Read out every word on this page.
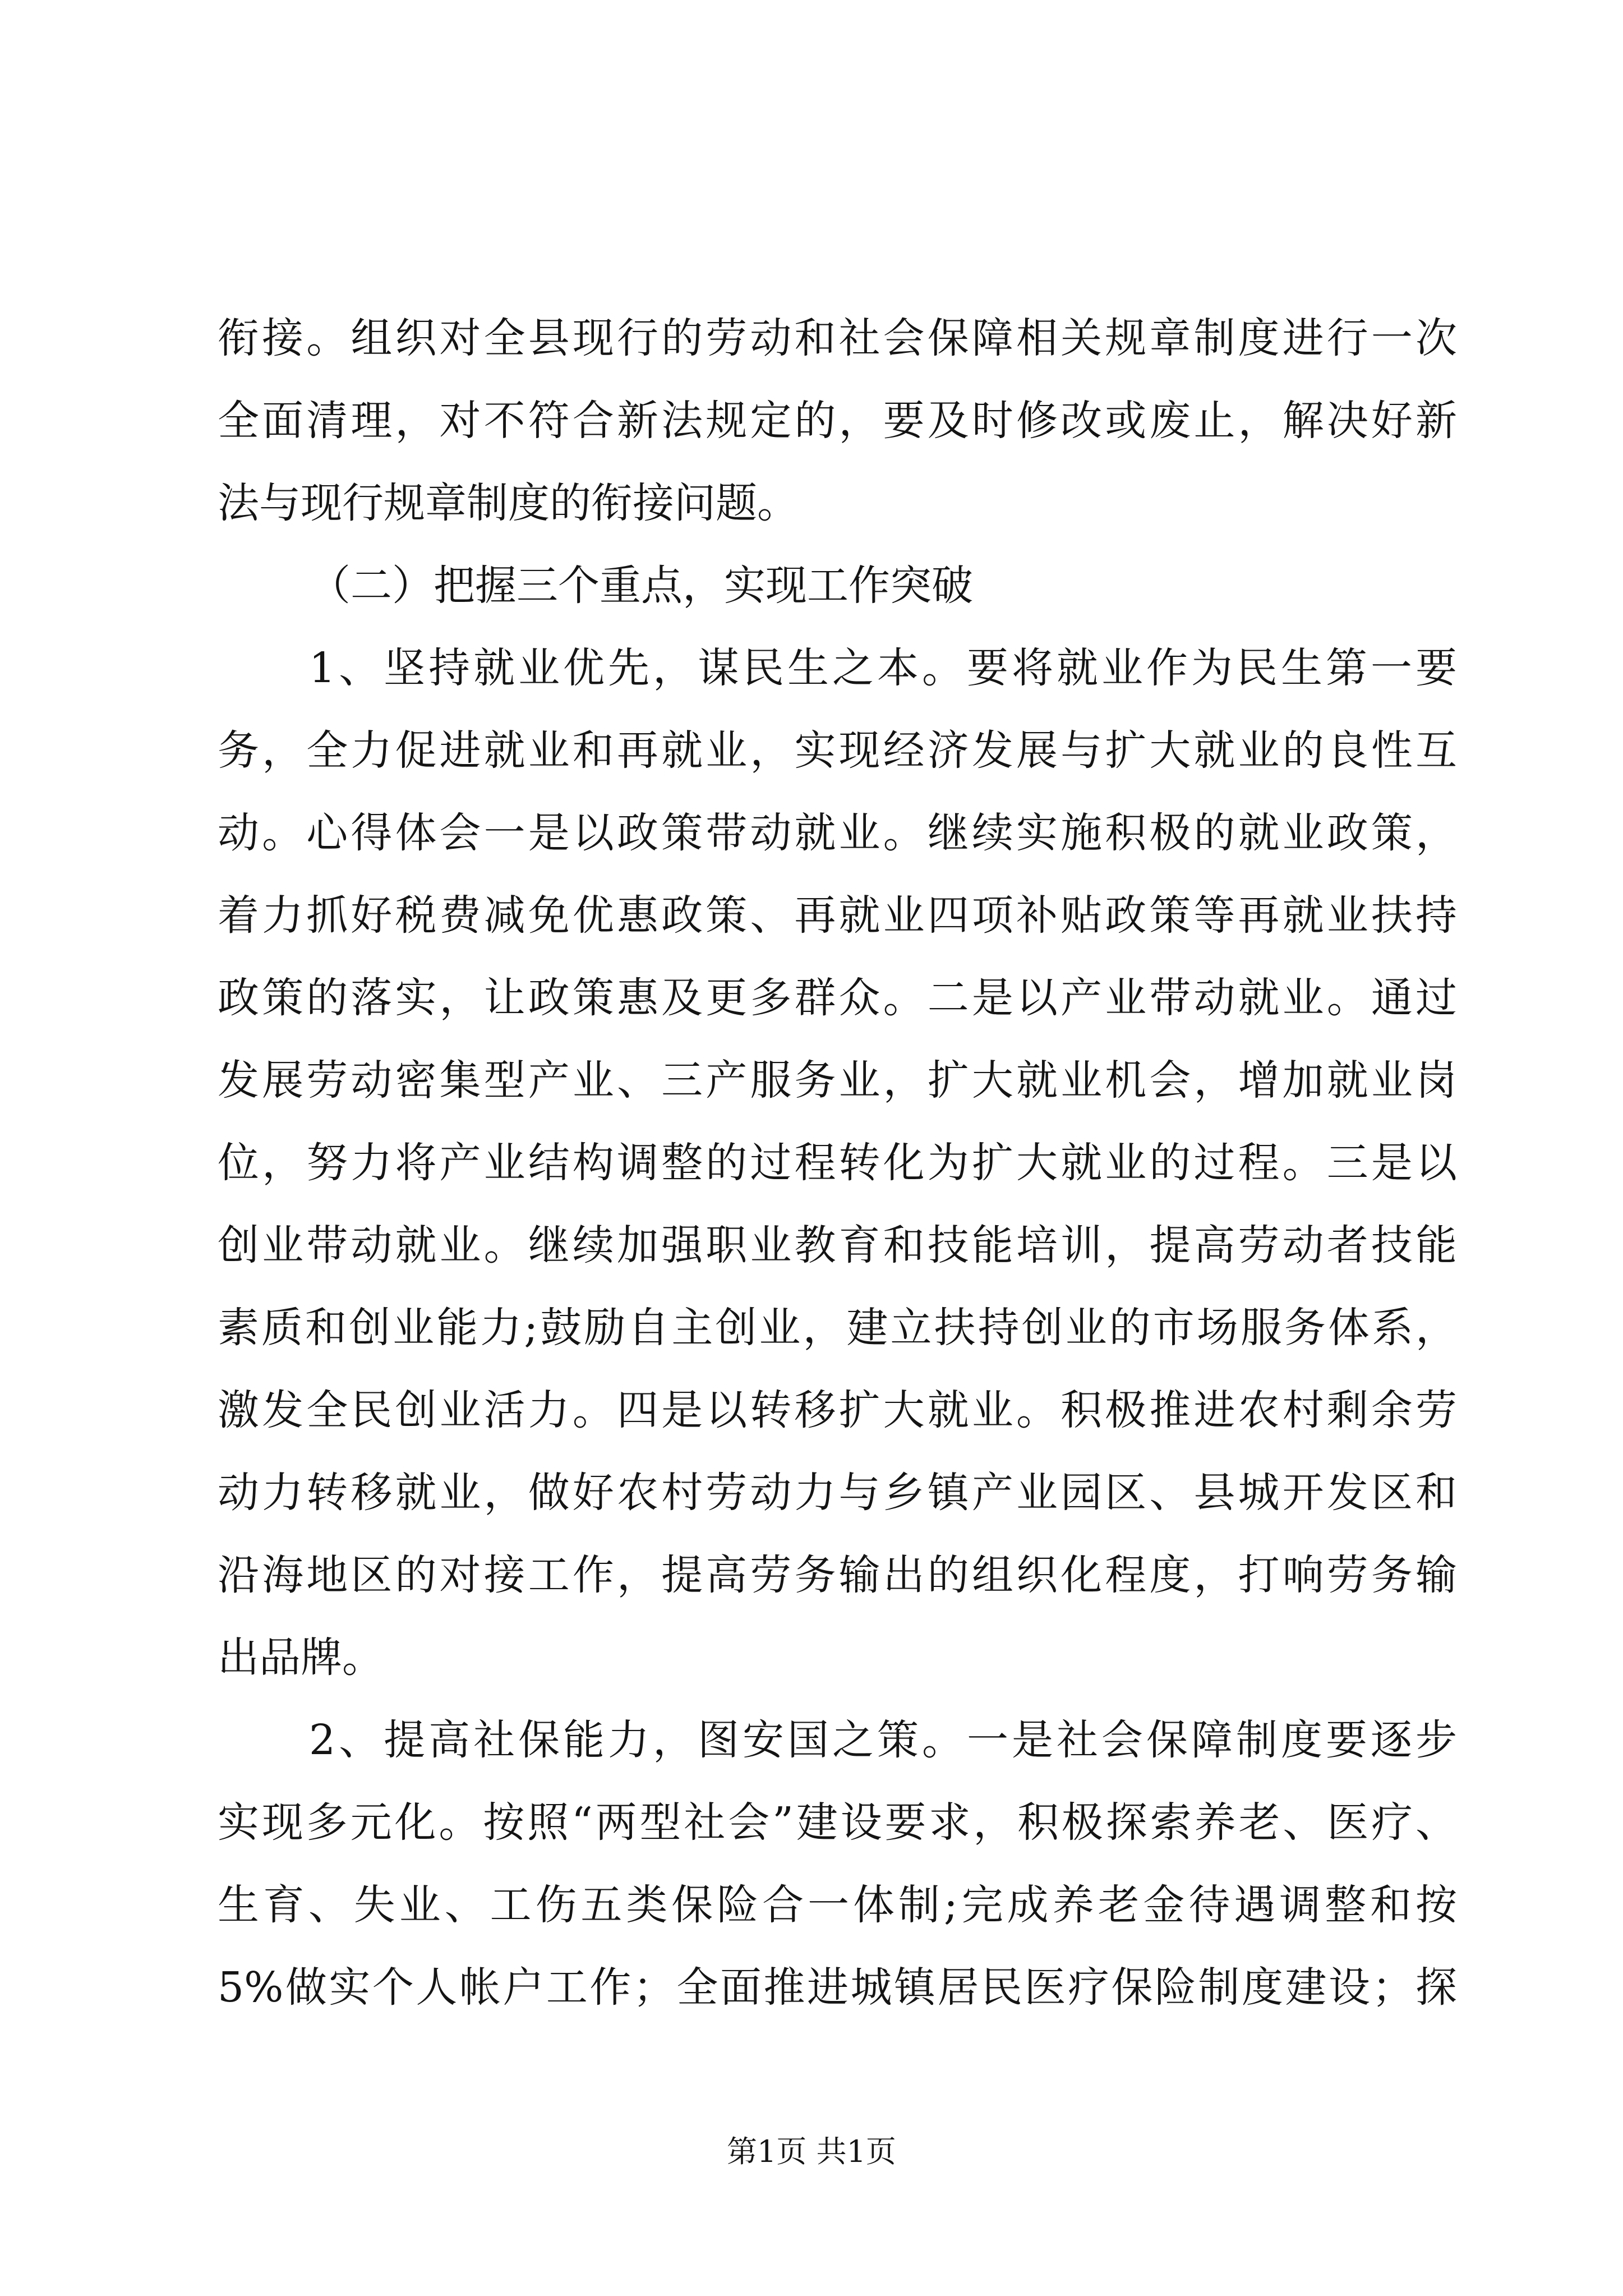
衔接。组织对全县现行的劳动和社会保障相关规章制度进行一次
全面清理，对不符合新法规定的，要及时修改或废止，解决好新
法与现行规章制度的衔接问题。
（二）把握三个重点，实现工作突破
1、坚持就业优先，谋民生之本。要将就业作为民生第一要
务，全力促进就业和再就业，实现经济发展与扩大就业的良性互
动。心得体会一是以政策带动就业。继续实施积极的就业政策，
着力抓好税费减免优惠政策、再就业四项补贴政策等再就业扶持
政策的落实，让政策惠及更多群众。二是以产业带动就业。通过
发展劳动密集型产业、三产服务业，扩大就业机会，增加就业岗
位，努力将产业结构调整的过程转化为扩大就业的过程。三是以
创业带动就业。继续加强职业教育和技能培训，提高劳动者技能
素质和创业能力;鼓励自主创业，建立扶持创业的市场服务体系，
激发全民创业活力。四是以转移扩大就业。积极推进农村剩余劳
动力转移就业，做好农村劳动力与乡镇产业园区、县城开发区和
沿海地区的对接工作，提高劳务输出的组织化程度，打响劳务输
出品牌。
2、提高社保能力，图安国之策。一是社会保障制度要逐步
实现多元化。按照“两型社会”建设要求，积极探索养老、医疗、
生育、失业、工伤五类保险合一体制;完成养老金待遇调整和按
5%做实个人帐户工作；全面推进城镇居民医疗保险制度建设；探
第1页 共1页
